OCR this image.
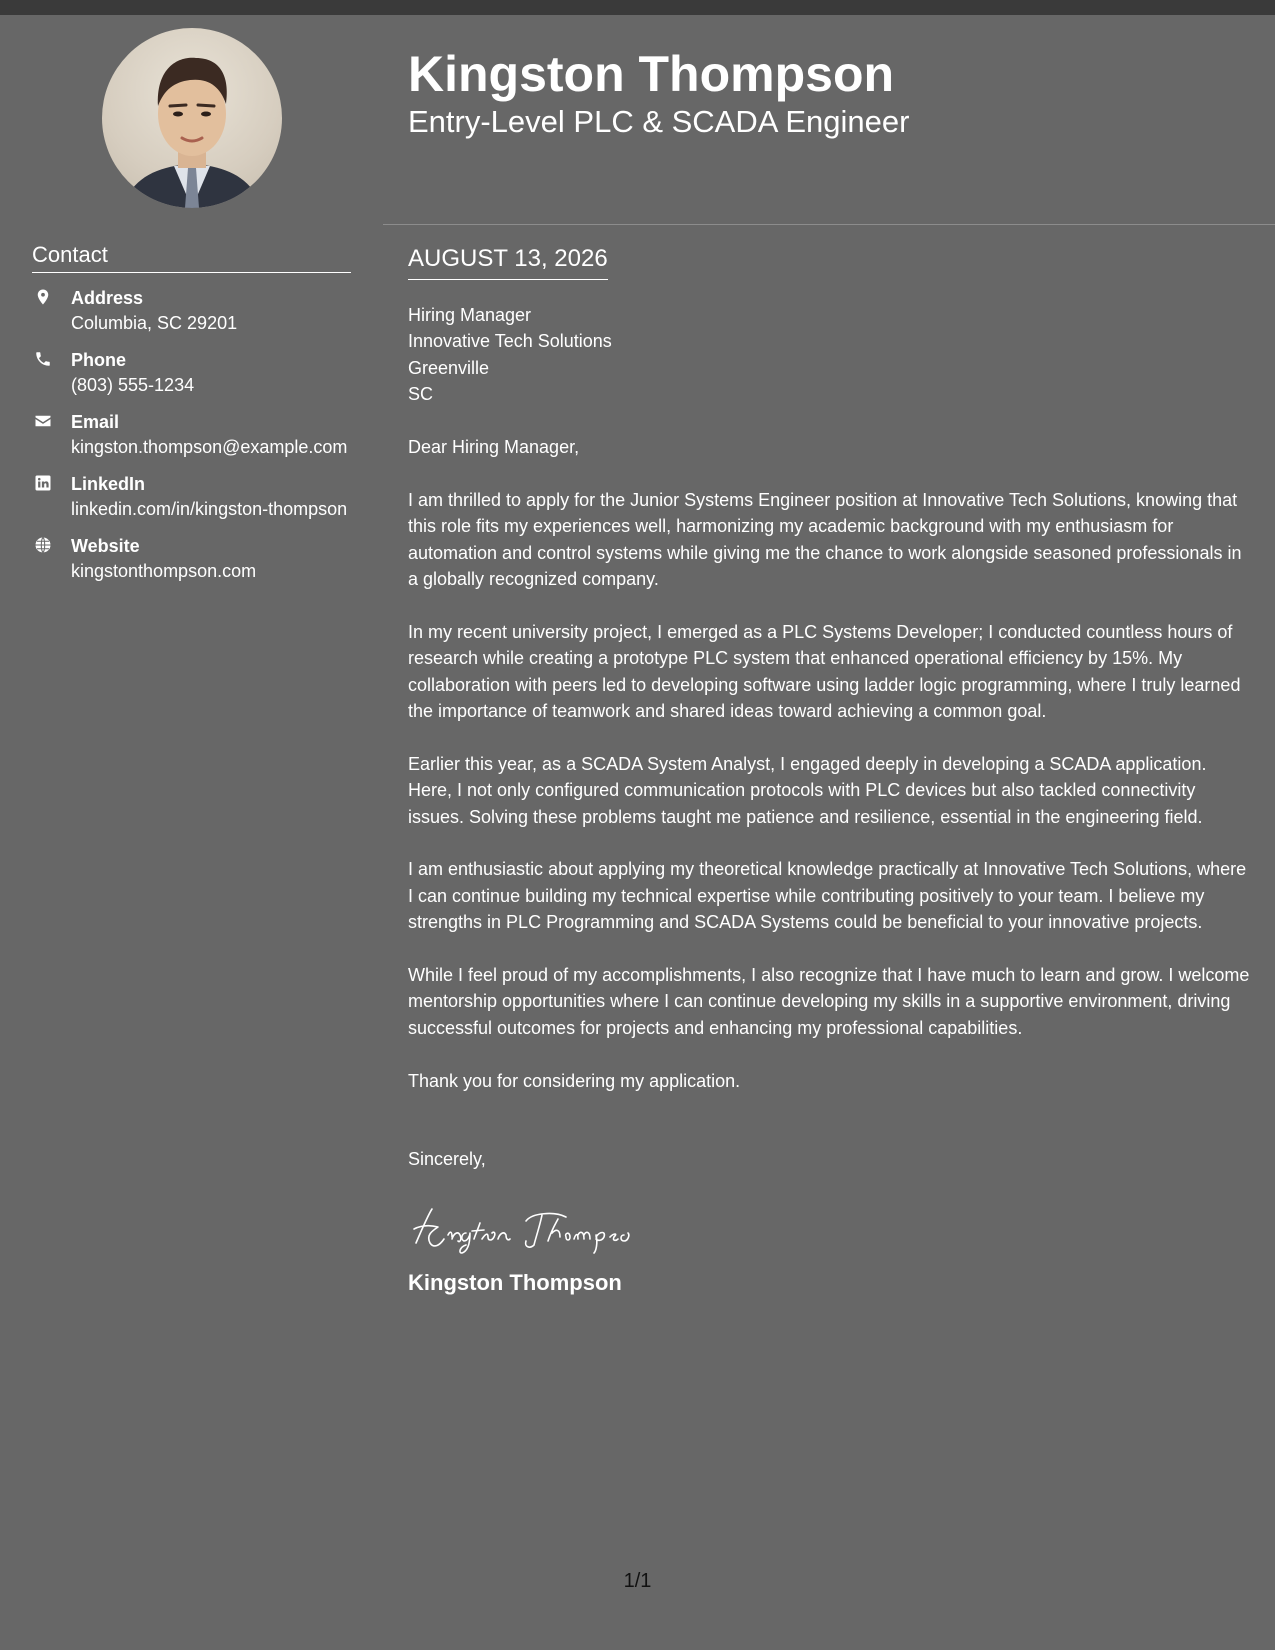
Contact
Address
Columbia, SC 29201
Phone
(803) 555-1234
Email
kingston.thompson@example.com
LinkedIn
linkedin.com/in/kingston-thompson
Website
kingstonthompson.com
Kingston Thompson
Entry-Level PLC & SCADA Engineer
AUGUST 13, 2026

Hiring Manager
Innovative Tech Solutions
Greenville
SC

Dear Hiring Manager,

I am thrilled to apply for the Junior Systems Engineer position at Innovative Tech Solutions, knowing that this role fits my experiences well, harmonizing my academic background with my enthusiasm for automation and control systems while giving me the chance to work alongside seasoned professionals in a globally recognized company.

In my recent university project, I emerged as a PLC Systems Developer; I conducted countless hours of research while creating a prototype PLC system that enhanced operational efficiency by 15%. My collaboration with peers led to developing software using ladder logic programming, where I truly learned the importance of teamwork and shared ideas toward achieving a common goal.

Earlier this year, as a SCADA System Analyst, I engaged deeply in developing a SCADA application. Here, I not only configured communication protocols with PLC devices but also tackled connectivity issues. Solving these problems taught me patience and resilience, essential in the engineering field.

I am enthusiastic about applying my theoretical knowledge practically at Innovative Tech Solutions, where I can continue building my technical expertise while contributing positively to your team. I believe my strengths in PLC Programming and SCADA Systems could be beneficial to your innovative projects.

While I feel proud of my accomplishments, I also recognize that I have much to learn and grow. I welcome mentorship opportunities where I can continue developing my skills in a supportive environment, driving successful outcomes for projects and enhancing my professional capabilities.

Thank you for considering my application.

Sincerely,

Kingston Thompson
1/1
